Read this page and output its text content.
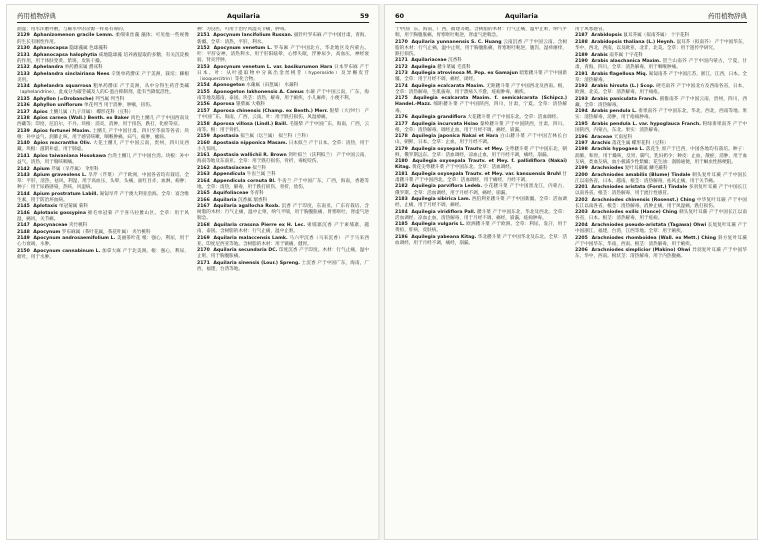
药用植物辞典	Aquilaria	59

油湿；用水洋磨外敷，与稀水中的杂源一样易有毒的。

2129 Aphanizomenon gracile Lemm. 柔细束丝藻 藻体；可见他一些视像的生长有刚性作用。

2130 Aphanocapsa 隐球藻属 色球藻科

2131 Aphanocapsa halophytia 咸地隐球藻 培养液提取的多糖，有关沉淀极的作用，用于体肤变黄、紫斑，皮肤干燥。

2132 Aphelandra 单药爵床属 爵床科

2133 Aphelandra sinclairiana Nees 辛奥单药爵床 产于美洲，栽培；棘根炎用。

2134 Aphelandra squarrosa 粗单药爵床 产于美洲，从中分得生药苷类碱（aphelandrine），此成分为碳苷碱及人的C-蛋白抑制剂，能有当降低活性。

2135 Aphyllon (=Orobanche) 列当属 列当科

2136 Aphyllon uniflorum 单花列当 用于消肿，肿瘤，扭伤。

2137 Apios 土圞儿属（九子洋属） 蝶形花科（豆科）

2138 Apios carnea (Wall.) Benth. ex Baker 肉色土圞儿 产于中国西南及西藏等；印度，尼泊尔，不丹。块根：消炎，消肿，用于扭伤，跌打，化瘀等症。

2139 Apios fortunei Maxim. 土圞儿 产于中国甘肃、四川至华南等各省；块根：补中益气、润肺止咳，用于感冒咳嗽，咽喉肿痛，疝气，痈肿，瘰疬。

2140 Apios macrantha Oliv. 大花土圞儿 产于中国云南，贵州，四川及西藏。块根：滋阴补虚，用于肺虚。

2141 Apios taiwaniana Hosokawa 台湾土圞儿 产于中国台湾。块根：补中益气，清热，用于喘咳咽痛。

2142 Apium 芹属（早芹属） 伞形科

2143 Apium graveolens L. 旱芹（芹菜） 产于欧洲，中国各省均有栽培。全草：平肝，清热，祛风，利湿，用于高血压，头晕，头痛，面红目赤，血淋，痈肿；种子：用于尿路感染，热咳，风湿病。

2144 Apium prostratum Labill. 匍匐旱芹 产于澳大利亚沿海。全草：富含维生素，用于防治坏血病。

2145 Aplotaxis 单冠菊属 菊科

2146 Aplotaxis gossypina 绵毛单冠菊 产于喜马拉雅山区。全草：用于风湿，痛风，关节痛。

2147 Apocynaceae 夹竹桃科

2148 Apocynum 罗布麻属（茶叶花属，茶花叶属） 夹竹桃科

2149 Apocynum androsaemifolium L. 美丽茶叶花 根：强心，利尿，用于心力衰竭，水肿。

2150 Apocynum cannabinum L. 加拿大麻 产于北美洲。根：强心，利尿，催吐，用于水肿。

种：为良医，可用于治疗风湿关节痛，肿毒。

2151 Apocynum lancifolium Russan. 披针叶罗布麻 产于中国甘肃，青海，新疆。全草：清热，平肝，利水。

2152 Apocynum venetum L. 罗布麻 产于中国北方，华北地区及内蒙古。叶：平肝安神，清热利水，用于肝阳眩晕，心悸失眠，浮肿尿少，高血压，神经衰弱，肾炎浮肿。

2153 Apocynum venetum L. var. basikurumon Hara 日本罗布麻 产于日本。叶：从叶提取物中分离出金丝桃苷（hyperoside）及异槲皮苷（isoquercitrin）等化合物。

2154 Aponogeton 水蕹属（田葱属） 水蕹科

2155 Aponogeton lakhonensis A. Camus 水蕹 产于中国云南，广东，海南等地及越南，泰国。块茎：清热，解毒，用于痢疾，小儿麻疹，小便不利。

2156 Aporosa 银柴属 大戟科

2157 Aporosa chinensis (Champ. ex Benth.) Merr. 银柴（大沙叶） 产于中国广东，海南，广西，云南。叶：用于跌打损伤，风湿痹痛。

2158 Aporosa villosa (Lindl.) Baill. 毛银柴 产于中国广东，海南，广西，云南等。根：用于骨折。

2159 Apostasia 拟兰属（坛兰属） 拟兰科（兰科）

2160 Apostasia nipponica Masam. 日本拟兰 产于日本。全草：清热，用于小儿惊风。

2161 Apostasia wallichii R. Brown 剑叶拟兰（沃利拟兰） 产于中国云南，海南等地及东南亚。全草：用于跌打损伤，骨折，毒蛇咬伤。

2162 Apostasiaceae 拟兰科

2163 Appendicula 牛齿兰属 兰科

2164 Appendicula cornuta Bl. 牛齿兰 产于中国广东，广西，海南，香港等地。全草：清热，解毒，用于跌打损伤，骨折，烫伤。

2165 Aquifoliaceae 冬青科

2166 Aquilaria 沉香属 瑞香科

2167 Aquilaria agallocha Roxb. 沉香 产于印度，东南亚，广东有栽培。含树脂的木材：行气止痛，温中止呕，纳气平喘，用于胸腹胀痛，胃寒呕吐，肾虚气逆喘急。

2168 Aquilaria crassna Pierre ex H. Lec. 柬埔寨沉香 产于柬埔寨，越南，泰国。含树脂的木材：行气止痛，温中止呕。

2169 Aquilaria malaccensis Lamk. 马六甲沉香（马来沉香） 产于马来西亚，印度尼西亚等地。含树脂的木材：用于镇痛，健胃。

2170 Aquilaria secundaria DC. 印度沉香 产于印度。木材：行气止痛，温中止呕，用于胸腹胀痛。

2171 Aquilaria sinensis (Lour.) Spreng. 土沉香 产于中国广东，海南，广西，福建，台湾等地。

60	Aquilaria	药用植物辞典

于中国广东，海南，广西，福建等地。含树脂的木材：行气止痛，温中止呕，纳气平喘，用于胸腹胀痛，胃寒呕吐呃逆，肾虚气逆喘急。

2170 Aquilaria yunnanensis S. C. Huang 云南沉香 产于中国云南。含树脂的木材：行气止痛，温中止呕，用于胸腹胀痛，胃寒呕吐呃逆，腹泻，湿疹瘙痒，跌打损伤。

2171 Aquilariaceae 沉香科

2172 Aquilegia 耧斗菜属 毛茛科

2173 Aquilegia atrovinosa M. Pop. ex Gamajun 暗紫耧斗菜 产于中国新疆。全草：用于月经不调，痛经，闭经。

2174 Aquilegia ecalcarata Maxim. 无距耧斗菜 产于中国西北及西南。根，全草：清热解毒，生肌拔毒，用于溃疡久不愈，疮痈肿毒，痢疾。

2175 Aquilegia ecalcarata Maxim. f. semicalcarata (Schipcz.) Handel.-Mazz. 细距耧斗菜 产于中国陕西，四川，甘肃，宁夏。全草：清热解毒。

2176 Aquilegia grandiflora 大花耧斗菜 产于中国东北。全草：活血调经。

2177 Aquilegia incurvata Hsiao 秦岭耧斗菜 产于中国陕西，甘肃，四川。根，全草：清热解毒，调经止血，用于月经不调，痛经，崩漏。

2178 Aquilegia japonica Nakai et Hara 白山耧斗菜 产于中国吉林长白山，朝鲜，日本。全草：止血，用于月经不调。

2179 Aquilegia oxysepala Trautv. et Mey. 尖萼耧斗菜 产于中国东北，朝鲜，俄罗斯远东。全草：活血调经，凉血止血，用于月经不调，痛经，崩漏。

2180 Aquilegia oxysepala Trautv. et Mey. f. pallidiflora (Nakai) Kitag. 黄花尖萼耧斗菜 产于中国东北。全草：活血调经。

2181 Aquilegia oxysepala Trautv. et Mey. var. kansuensis Bruhl 甘肃耧斗菜 产于中国西北。全草：活血调经，用于痛经，月经不调。

2182 Aquilegia parviflora Ledeb. 小花耧斗菜 产于中国黑龙江，内蒙古，俄罗斯。全草：活血调经，用于月经不调，痛经，崩漏。

2183 Aquilegia sibirica Lam. 西伯利亚耧斗菜 产于中国新疆。全草：活血调经，止痛，用于月经不调，痛经。

2184 Aquilegia viridiflora Pall. 耧斗菜 产于中国东北，华北及西北。全草：活血调经，凉血止血，清热解毒，用于月经不调，痛经，崩漏，疮痈肿毒。

2185 Aquilegia vulgaris L. 欧洲耧斗菜 产于欧洲。全草：利尿，发汗，用于黄疸，肝病，皮肤病。

2186 Aquilegia yabeana Kitag. 华北耧斗菜 产于中国华北及东北。全草：活血调经，用于月经不调，痛经，崩漏。

用于风寒感冒。

2187 Arabidopsis 鼠耳芥属（拟南芥属） 十字花科

2188 Arabidopsis thaliana (L.) Heynh. 鼠耳芥（拟南芥） 产于中国华东，华中，西北，西南，以及欧亚，北非，北美。全草：用于遗传学研究。

2189 Arabis 南芥属 十字花科

2190 Arabis alaschanica Maxim. 贺兰山南芥 产于中国内蒙古，宁夏，甘肃，青海，四川。全草：清热解毒，用于咽喉肿痛。

2191 Arabis flagellosa Miq. 匍匐南芥 产于中国江苏，浙江，江西，日本。全草：清热解毒。

2192 Arabis hirsuta (L.) Scop. 硬毛南芥 产于中国北方及西南各省，日本，欧洲，北美。全草：清热解毒，用于痈疮。

2193 Arabis paniculata Franch. 圆锥南芥 产于中国云南，贵州，四川，西藏。全草：清热解毒。

2194 Arabis pendula L. 垂果南芥 产于中国东北，华北，西北，西南等地。果实：清热解毒，消肿，用于疮痈肿毒。

2195 Arabis pendula L. var. hypoglauca Franch. 粉绿垂果南芥 产于中国陕西，内蒙古，东北。果实：清热解毒。

2196 Araceae 天南星科

2197 Arachis 落花生属 蝶形花科（豆科）

2198 Arachis hypogaea L. 落花生 原产于巴西，中国各地均有栽培。种子：润肺，和胃，用于燥咳，反胃，脚气，乳妇奶少；种皮：止血，散瘀，消肿，用于血友病，类血友病，血小板减少性紫癜；花生油：润肠通便，用于蛔虫性肠梗阻。

2199 Arachniodes 复叶耳蕨属 鳞毛蕨科

2200 Arachniodes amabilis (Blume) Tindale 刺头复叶耳蕨 产于中国长江以南各省，日本，越南。根茎：清热解毒，祛风止痛，用于关节痛。

2201 Arachniodes aristata (Forst.) Tindale 多羽复叶耳蕨 产于中国长江以南各省。根茎：清热解毒，用于流行性感冒。

2202 Arachniodes chinensis (Rosenst.) Ching 中华复叶耳蕨 产于中国长江以南各省。根茎：清热解毒，消肿止痛，用于风湿痛，跌打损伤。

2203 Arachniodes exilis (Hance) Ching 刺头复叶耳蕨 产于中国长江以南各省，日本。根茎：清热解毒，用于疮痈。

2204 Arachniodes pseudo-aristata (Tagawa) Ohwi 长尾复叶耳蕨 产于中国浙江，福建，台湾，江西等地。全草：用于痢疾。

2205 Arachniodes rhomboidea (Wall. ex Mett.) Ching 斜方复叶耳蕨 产于中国华东，华南，西南。根茎：清热解毒，用于痢疾。

2206 Arachniodes simplicior (Makino) Ohwi 异羽复叶耳蕨 产于中国华东，华中，西南。根状茎：清热解毒，用于内热腹痛。
